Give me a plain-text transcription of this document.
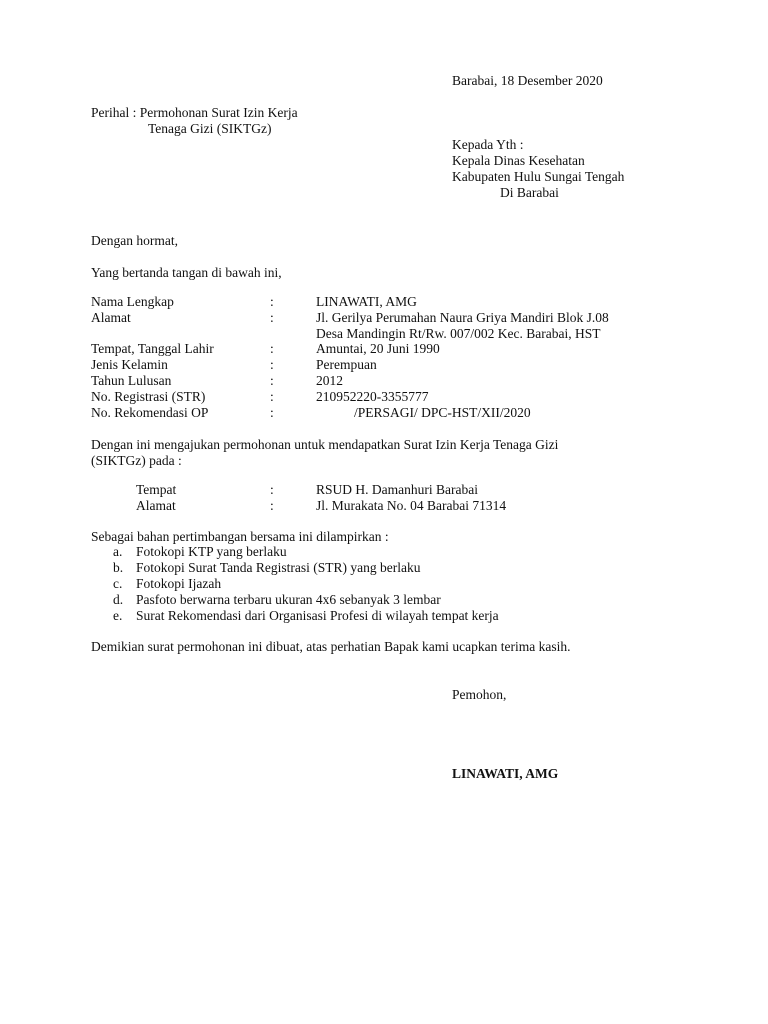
Barabai, 18 Desember 2020
Perihal : Permohonan Surat Izin Kerja
Tenaga Gizi (SIKTGz)
Kepada Yth :
Kepala Dinas Kesehatan
Kabupaten Hulu Sungai Tengah
Di Barabai
Dengan hormat,
Yang bertanda tangan di bawah ini,
Nama Lengkap	:	LINAWATI, AMG
Alamat	:	Jl. Gerilya Perumahan Naura Griya Mandiri Blok J.08
Desa Mandingin Rt/Rw. 007/002 Kec. Barabai, HST
Tempat, Tanggal Lahir	:	Amuntai, 20 Juni 1990
Jenis Kelamin	:	Perempuan
Tahun Lulusan	:	2012
No. Registrasi (STR)	:	210952220-3355777
No. Rekomendasi OP	:	/PERSAGI/ DPC-HST/XII/2020
Dengan ini mengajukan permohonan untuk mendapatkan Surat Izin Kerja Tenaga Gizi
(SIKTGz) pada :
Tempat	:	RSUD H. Damanhuri Barabai
Alamat	:	Jl. Murakata No. 04 Barabai 71314
Sebagai bahan pertimbangan bersama ini dilampirkan :
a. Fotokopi KTP yang berlaku
b. Fotokopi Surat Tanda Registrasi (STR) yang berlaku
c. Fotokopi Ijazah
d. Pasfoto berwarna terbaru ukuran 4x6 sebanyak 3 lembar
e. Surat Rekomendasi dari Organisasi Profesi di wilayah tempat kerja
Demikian surat permohonan ini dibuat, atas perhatian Bapak kami ucapkan terima kasih.
Pemohon,
LINAWATI, AMG
